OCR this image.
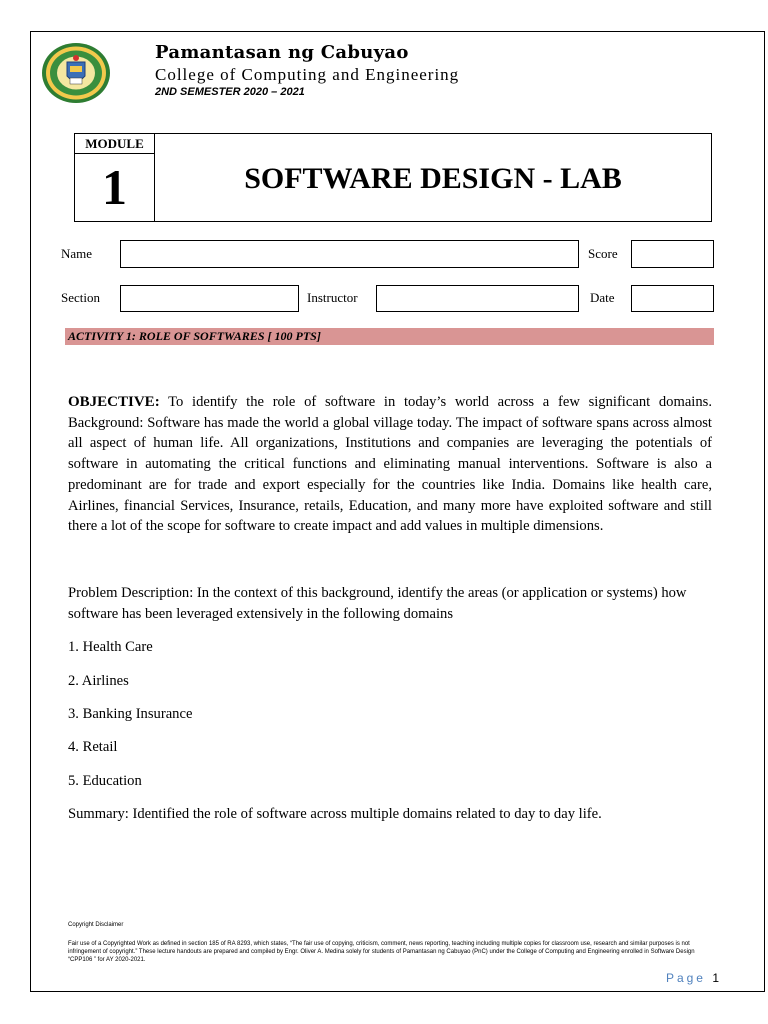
Pamantasan ng Cabuyao
College of Computing and Engineering
2ND SEMESTER 2020 – 2021
MODULE
1	SOFTWARE DESIGN - LAB
Name	Score
Section	Instructor	Date
ACTIVITY 1: ROLE OF SOFTWARES [ 100 PTS]
OBJECTIVE: To identify the role of software in today’s world across a few significant domains. Background: Software has made the world a global village today. The impact of software spans across almost all aspect of human life. All organizations, Institutions and companies are leveraging the potentials of software in automating the critical functions and eliminating manual interventions. Software is also a predominant are for trade and export especially for the countries like India. Domains like health care, Airlines, financial Services, Insurance, retails, Education, and many more have exploited software and still there a lot of the scope for software to create impact and add values in multiple dimensions.
Problem Description: In the context of this background, identify the areas (or application or systems) how software has been leveraged extensively in the following domains
1. Health Care
2. Airlines
3. Banking Insurance
4. Retail
5. Education
Summary: Identified the role of software across multiple domains related to day to day life.
Copyright Disclaimer
Fair use of a Copyrighted Work as defined in section 185 of RA 8293, which states, “The fair use of copying, criticism, comment, news reporting, teaching including multiple copies for classroom use, research and similar purposes is not infringement of copyright.” These lecture handouts are prepared and compiled by Engr. Oliver A. Medina solely for students of Pamantasan ng Cabuyao (PnC) under the College of Computing and Engineering enrolled in Software Design “CPP106 ” for AY 2020-2021.
Page 1
